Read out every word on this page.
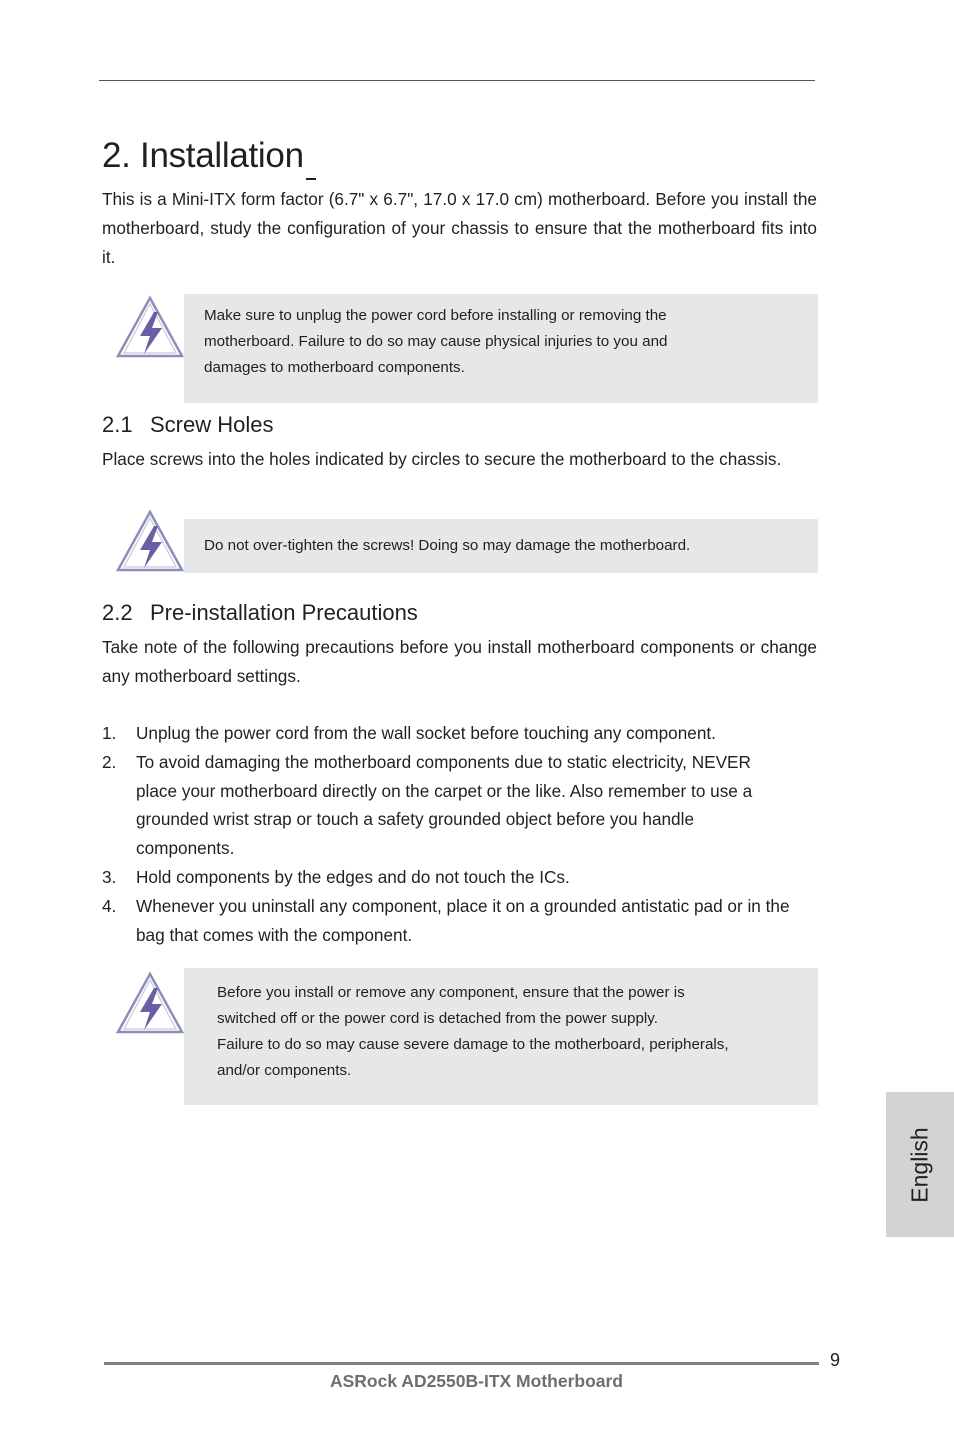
2. Installation

This is a Mini-ITX form factor (6.7" x 6.7", 17.0 x 17.0 cm) motherboard. Before you install the motherboard, study the configuration of your chassis to ensure that the motherboard fits into it.

Make sure to unplug the power cord before installing or removing the

motherboard. Failure to do so may cause physical injuries to you and

damages to motherboard components.

2.1 Screw Holes

Place screws into the holes indicated by circles to secure the motherboard to the chassis.

Do not over-tighten the screws! Doing so may damage the motherboard.

2.2 Pre-installation Precautions

Take note of the following precautions before you install motherboard components or change any motherboard settings.

1.	Unplug the power cord from the wall socket before touching any component.
2.	To avoid damaging the motherboard components due to static electricity, NEVER place your motherboard directly on the carpet or the like. Also remember to use a grounded wrist strap or touch a safety grounded object before you handle components.
3.	Hold components by the edges and do not touch the ICs.
4.	Whenever you uninstall any component, place it on a grounded antistatic pad or in the bag that comes with the component.

Before you install or remove any component, ensure that the power is

switched off or the power cord is detached from the power supply.

Failure to do so may cause severe damage to the motherboard, peripherals,

and/or components.

English
9
ASRock AD2550B-ITX Motherboard
